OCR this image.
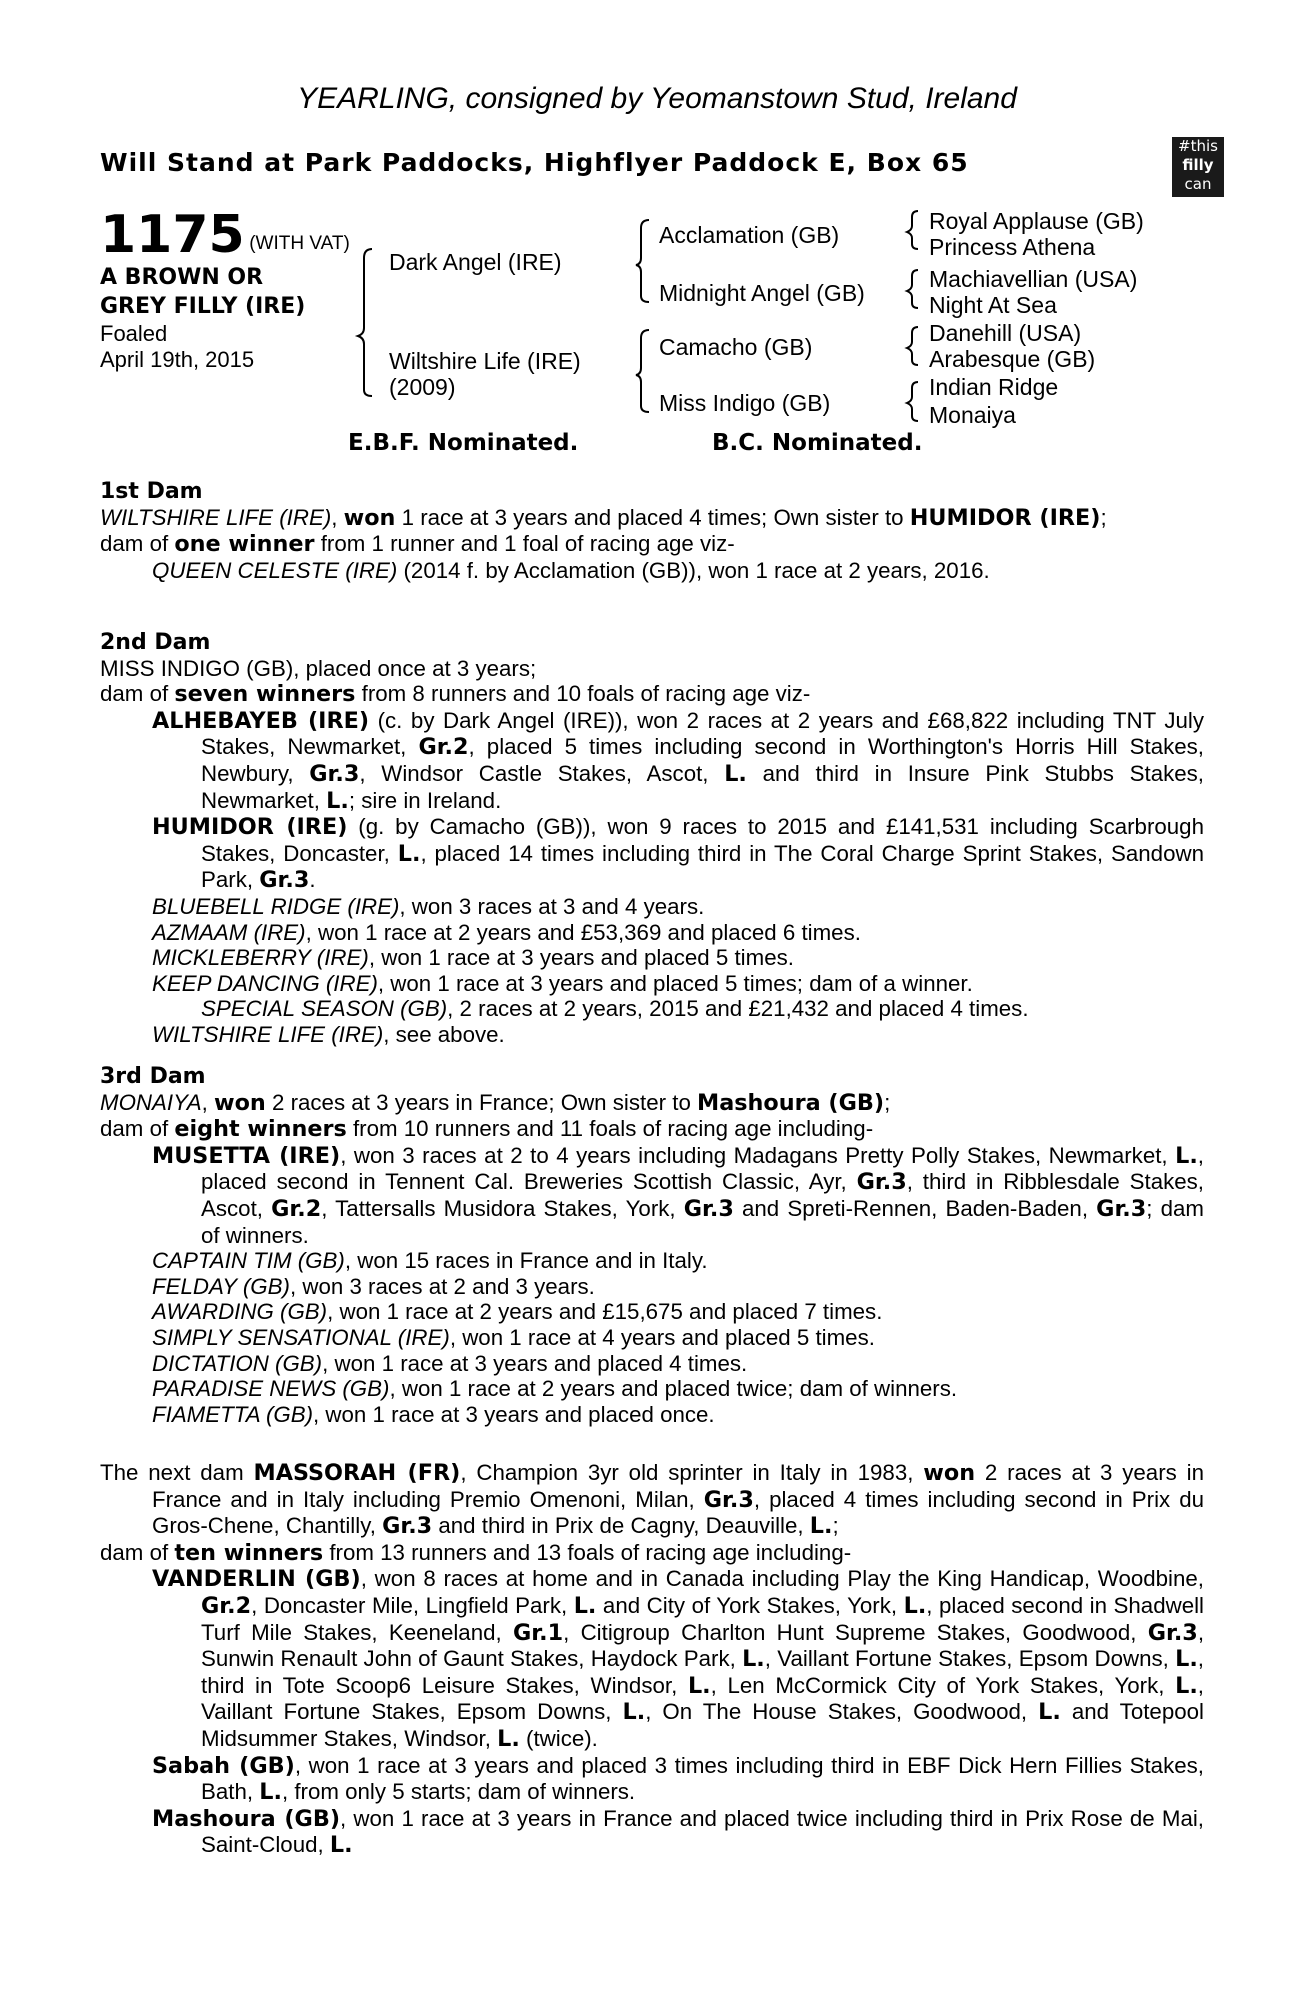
YEARLING, consigned by Yeomanstown Stud, Ireland
Will Stand at Park Paddocks, Highflyer Paddock E, Box 65
#this
filly
can
1175 (WITH VAT)
A BROWN OR
GREY FILLY (IRE)
Foaled
April 19th, 2015
Dark Angel (IRE)
Wiltshire Life (IRE)
(2009)
Acclamation (GB)
Midnight Angel (GB)
Camacho (GB)
Miss Indigo (GB)
Royal Applause (GB)
Princess Athena
Machiavellian (USA)
Night At Sea
Danehill (USA)
Arabesque (GB)
Indian Ridge
Monaiya
E.B.F. Nominated.	B.C. Nominated.

1st Dam

WILTSHIRE LIFE (IRE), won 1 race at 3 years and placed 4 times; Own sister to HUMIDOR (IRE);

dam of one winner from 1 runner and 1 foal of racing age viz-

QUEEN CELESTE (IRE) (2014 f. by Acclamation (GB)), won 1 race at 2 years, 2016.

2nd Dam

MISS INDIGO (GB), placed once at 3 years;

dam of seven winners from 8 runners and 10 foals of racing age viz-

ALHEBAYEB (IRE) (c. by Dark Angel (IRE)), won 2 races at 2 years and £68,822 including TNT July Stakes, Newmarket, Gr.2, placed 5 times including second in Worthington's Horris Hill Stakes, Newbury, Gr.3, Windsor Castle Stakes, Ascot, L. and third in Insure Pink Stubbs Stakes, Newmarket, L.; sire in Ireland.

HUMIDOR (IRE) (g. by Camacho (GB)), won 9 races to 2015 and £141,531 including Scarbrough Stakes, Doncaster, L., placed 14 times including third in The Coral Charge Sprint Stakes, Sandown Park, Gr.3.

BLUEBELL RIDGE (IRE), won 3 races at 3 and 4 years.

AZMAAM (IRE), won 1 race at 2 years and £53,369 and placed 6 times.

MICKLEBERRY (IRE), won 1 race at 3 years and placed 5 times.

KEEP DANCING (IRE), won 1 race at 3 years and placed 5 times; dam of a winner.

SPECIAL SEASON (GB), 2 races at 2 years, 2015 and £21,432 and placed 4 times.

WILTSHIRE LIFE (IRE), see above.

3rd Dam

MONAIYA, won 2 races at 3 years in France; Own sister to Mashoura (GB);

dam of eight winners from 10 runners and 11 foals of racing age including-

MUSETTA (IRE), won 3 races at 2 to 4 years including Madagans Pretty Polly Stakes, Newmarket, L., placed second in Tennent Cal. Breweries Scottish Classic, Ayr, Gr.3, third in Ribblesdale Stakes, Ascot, Gr.2, Tattersalls Musidora Stakes, York, Gr.3 and Spreti-Rennen, Baden-Baden, Gr.3; dam of winners.

CAPTAIN TIM (GB), won 15 races in France and in Italy.

FELDAY (GB), won 3 races at 2 and 3 years.

AWARDING (GB), won 1 race at 2 years and £15,675 and placed 7 times.

SIMPLY SENSATIONAL (IRE), won 1 race at 4 years and placed 5 times.

DICTATION (GB), won 1 race at 3 years and placed 4 times.

PARADISE NEWS (GB), won 1 race at 2 years and placed twice; dam of winners.

FIAMETTA (GB), won 1 race at 3 years and placed once.

The next dam MASSORAH (FR), Champion 3yr old sprinter in Italy in 1983, won 2 races at 3 years in France and in Italy including Premio Omenoni, Milan, Gr.3, placed 4 times including second in Prix du Gros-Chene, Chantilly, Gr.3 and third in Prix de Cagny, Deauville, L.;

dam of ten winners from 13 runners and 13 foals of racing age including-

VANDERLIN (GB), won 8 races at home and in Canada including Play the King Handicap, Woodbine, Gr.2, Doncaster Mile, Lingfield Park, L. and City of York Stakes, York, L., placed second in Shadwell Turf Mile Stakes, Keeneland, Gr.1, Citigroup Charlton Hunt Supreme Stakes, Goodwood, Gr.3, Sunwin Renault John of Gaunt Stakes, Haydock Park, L., Vaillant Fortune Stakes, Epsom Downs, L., third in Tote Scoop6 Leisure Stakes, Windsor, L., Len McCormick City of York Stakes, York, L., Vaillant Fortune Stakes, Epsom Downs, L., On The House Stakes, Goodwood, L. and Totepool Midsummer Stakes, Windsor, L. (twice).

Sabah (GB), won 1 race at 3 years and placed 3 times including third in EBF Dick Hern Fillies Stakes, Bath, L., from only 5 starts; dam of winners.

Mashoura (GB), won 1 race at 3 years in France and placed twice including third in Prix Rose de Mai, Saint-Cloud, L.
